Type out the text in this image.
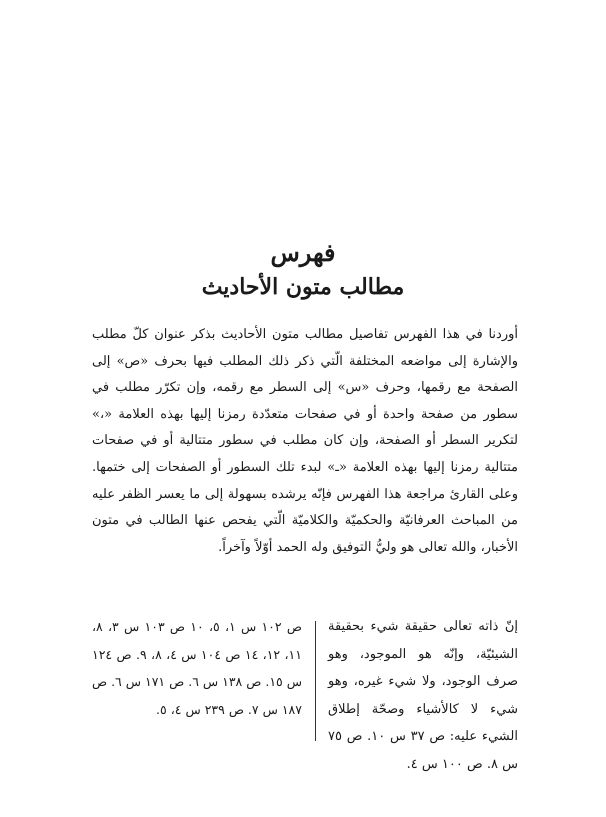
فهرس
مطالب متون الأحاديث

أوردنا في هذا الفهرس تفاصيل مطالب متون الأحاديث بذكر عنوان كلّ مطلب والإشارة إلى مواضعه المختلفة الّتي ذكر ذلك المطلب فيها بحرف «ص» إلى الصفحة مع رقمها، وحرف «س» إلى السطر مع رقمه، وإن تكرّر مطلب في سطور من صفحة واحدة أو في صفحات متعدّدة رمزنا إليها بهذه العلامة «،» لتكرير السطر أو الصفحة، وإن كان مطلب في سطور متتالية أو في صفحات متتالية رمزنا إليها بهذه العلامة «ـ» لبدء تلك السطور أو الصفحات إلى ختمها. وعلى القارئ مراجعة هذا الفهرس فإنّه يرشده بسهولة إلى ما يعسر الظفر عليه من المباحث العرفانيّة والحكميّة والكلاميّة الّتي يفحص عنها الطالب في متون الأخبار، والله تعالى هو وليُّ التوفيق وله الحمد أوّلاً وآخراً.

إنّ ذاته تعالى حقيقة شيء بحقيقة الشيئيّة، وإنّه هو الموجود، وهو صرف الوجود، ولا شيء غيره، وهو شيء لا كالأشياء وصحّة إطلاق الشيء عليه: ص ٣٧ س ١٠. ص ٧٥ س ٨. ص ١٠٠ س ٤.
ص ١٠٢ س ١، ٥، ١٠ ص ١٠٣ س ٣، ٨، ١١، ١٢، ١٤ ص ١٠٤ س ٤، ٨، ٩. ص ١٢٤ س ١٥. ص ١٣٨ س ٦. ص ١٧١ س ٦. ص ١٨٧ س ٧. ص ٢٣٩ س ٤، ٥.
